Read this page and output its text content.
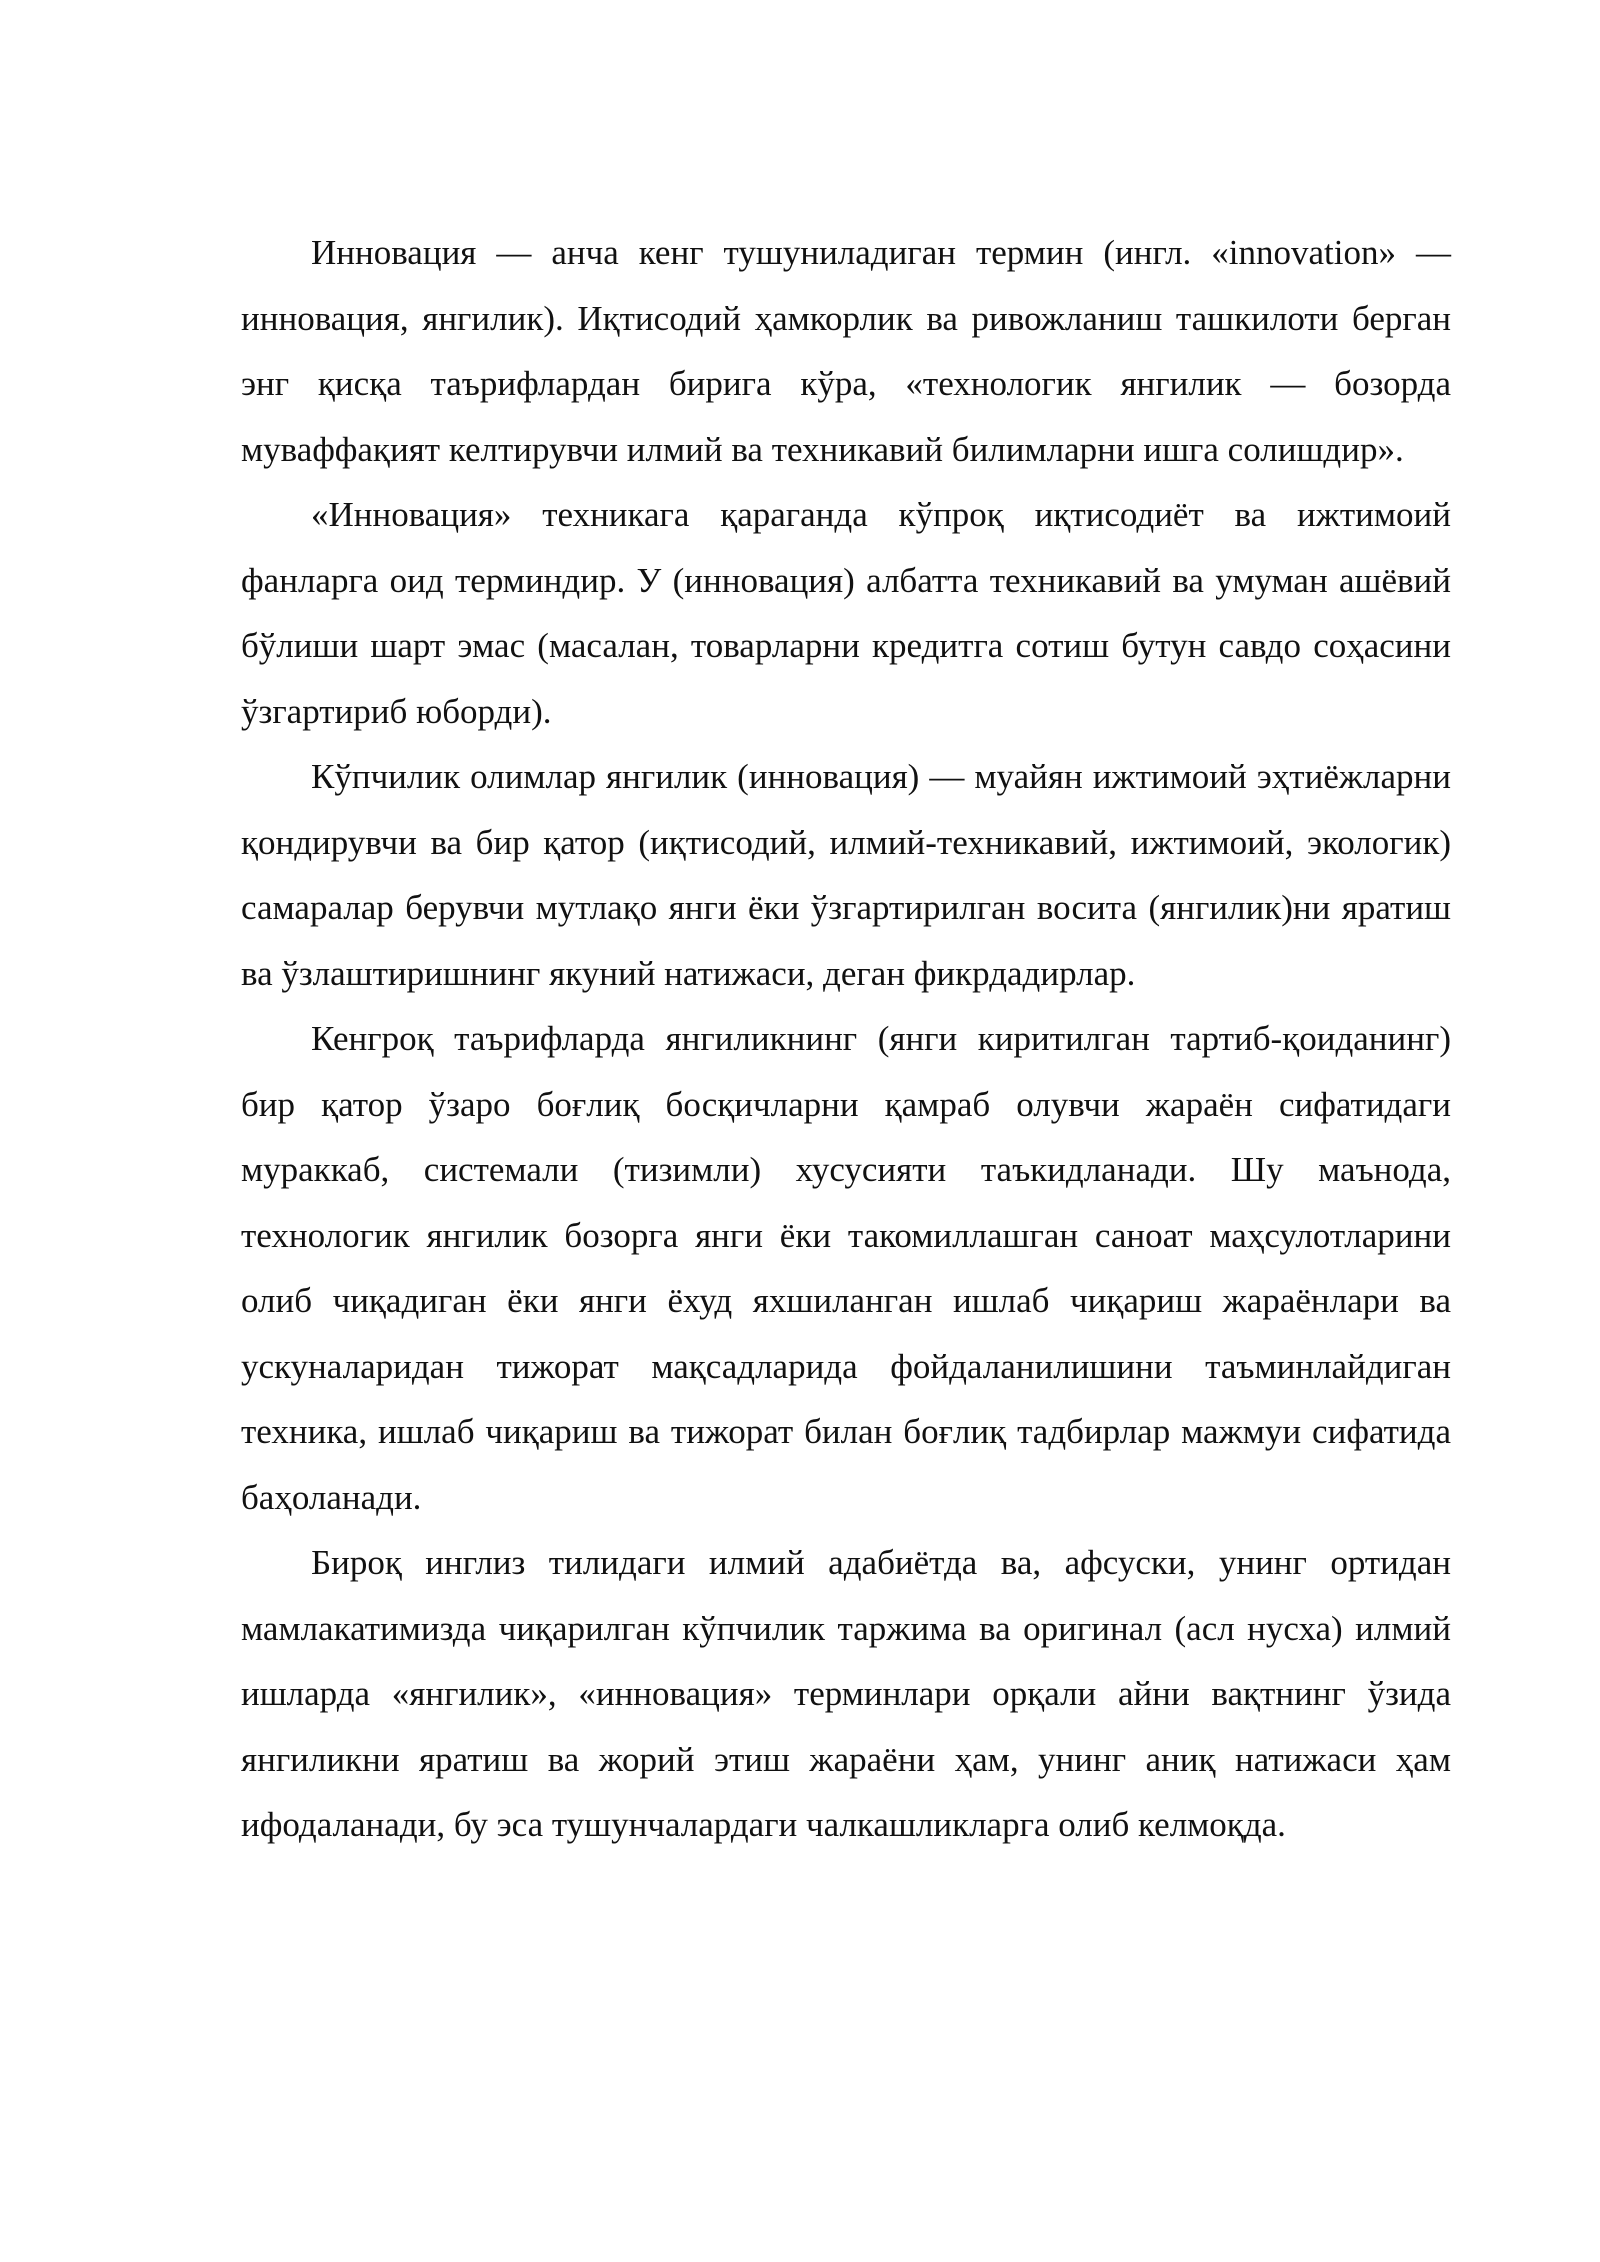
Инновация — анча кенг тушуниладиган термин (ингл. «innovation» — инновация, янгилик). Иқтисодий ҳамкорлик ва ривожланиш ташкилоти берган энг қисқа таърифлардан бирига кўра, «технологик янгилик — бозорда муваффақият келтирувчи илмий ва техникавий билимларни ишга солишдир».

«Инновация» техникага қараганда кўпроқ иқтисодиёт ва ижтимоий фанларга оид терминдир. У (инновация) албатта техникавий ва умуман ашёвий бўлиши шарт эмас (масалан, товарларни кредитга сотиш бутун савдо соҳасини ўзгартириб юборди).

Кўпчилик олимлар янгилик (инновация) — муайян ижтимоий эҳтиёжларни қондирувчи ва бир қатор (иқтисодий, илмий-техникавий, ижтимоий, экологик) самаралар берувчи мутлақо янги ёки ўзгартирилган восита (янгилик)ни яратиш ва ўзлаштиришнинг якуний натижаси, деган фикрдадирлар.

Кенгроқ таърифларда янгиликнинг (янги киритилган тартиб-қоиданинг) бир қатор ўзаро боғлиқ босқичларни қамраб олувчи жараён сифатидаги мураккаб, системали (тизимли) хусусияти таъкидланади. Шу маънода, технологик янгилик бозорга янги ёки такомиллашган саноат маҳсулотларини олиб чиқадиган ёки янги ёхуд яхшиланган ишлаб чиқариш жараёнлари ва ускуналаридан тижорат мақсадларида фойдаланилишини таъминлайдиган техника, ишлаб чиқариш ва тижорат билан боғлиқ тадбирлар мажмуи сифатида баҳоланади.

Бироқ инглиз тилидаги илмий адабиётда ва, афсуски, унинг ортидан мамлакатимизда чиқарилган кўпчилик таржима ва оригинал (асл нусха) илмий ишларда «янгилик», «инновация» терминлари орқали айни вақтнинг ўзида янгиликни яратиш ва жорий этиш жараёни ҳам, унинг аниқ натижаси ҳам ифодаланади, бу эса тушунчалардаги чалкашликларга олиб келмоқда.
